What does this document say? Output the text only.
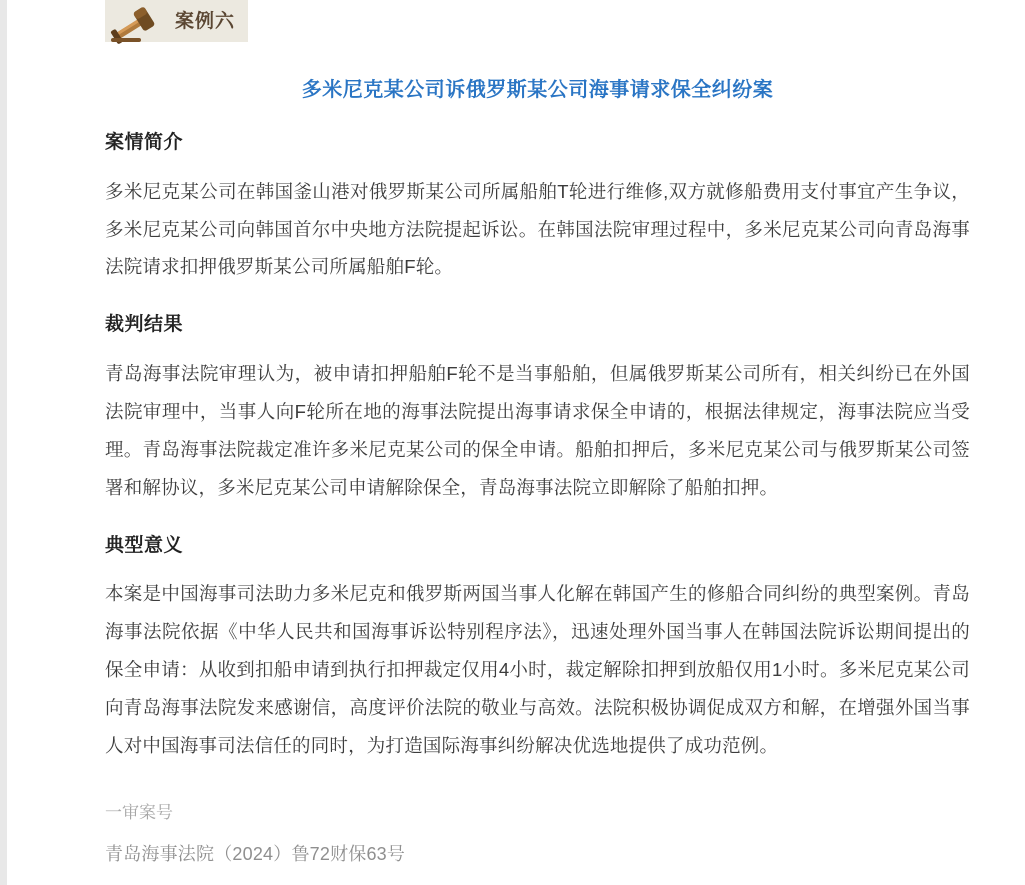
案例六
多米尼克某公司诉俄罗斯某公司海事请求保全纠纷案
案情简介

多米尼克某公司在韩国釜山港对俄罗斯某公司所属船舶T轮进行维修,双方就修船费用支付事宜产生争议，多米尼克某公司向韩国首尔中央地方法院提起诉讼。在韩国法院审理过程中，多米尼克某公司向青岛海事法院请求扣押俄罗斯某公司所属船舶F轮。

裁判结果

青岛海事法院审理认为，被申请扣押船舶F轮不是当事船舶，但属俄罗斯某公司所有，相关纠纷已在外国法院审理中，当事人向F轮所在地的海事法院提出海事请求保全申请的，根据法律规定，海事法院应当受理。青岛海事法院裁定准许多米尼克某公司的保全申请。船舶扣押后，多米尼克某公司与俄罗斯某公司签署和解协议，多米尼克某公司申请解除保全，青岛海事法院立即解除了船舶扣押。

典型意义

本案是中国海事司法助力多米尼克和俄罗斯两国当事人化解在韩国产生的修船合同纠纷的典型案例。青岛海事法院依据《中华人民共和国海事诉讼特别程序法》，迅速处理外国当事人在韩国法院诉讼期间提出的保全申请：从收到扣船申请到执行扣押裁定仅用4小时，裁定解除扣押到放船仅用1小时。多米尼克某公司向青岛海事法院发来感谢信，高度评价法院的敬业与高效。法院积极协调促成双方和解，在增强外国当事人对中国海事司法信任的同时，为打造国际海事纠纷解决优选地提供了成功范例。

一审案号
青岛海事法院（2024）鲁72财保63号
